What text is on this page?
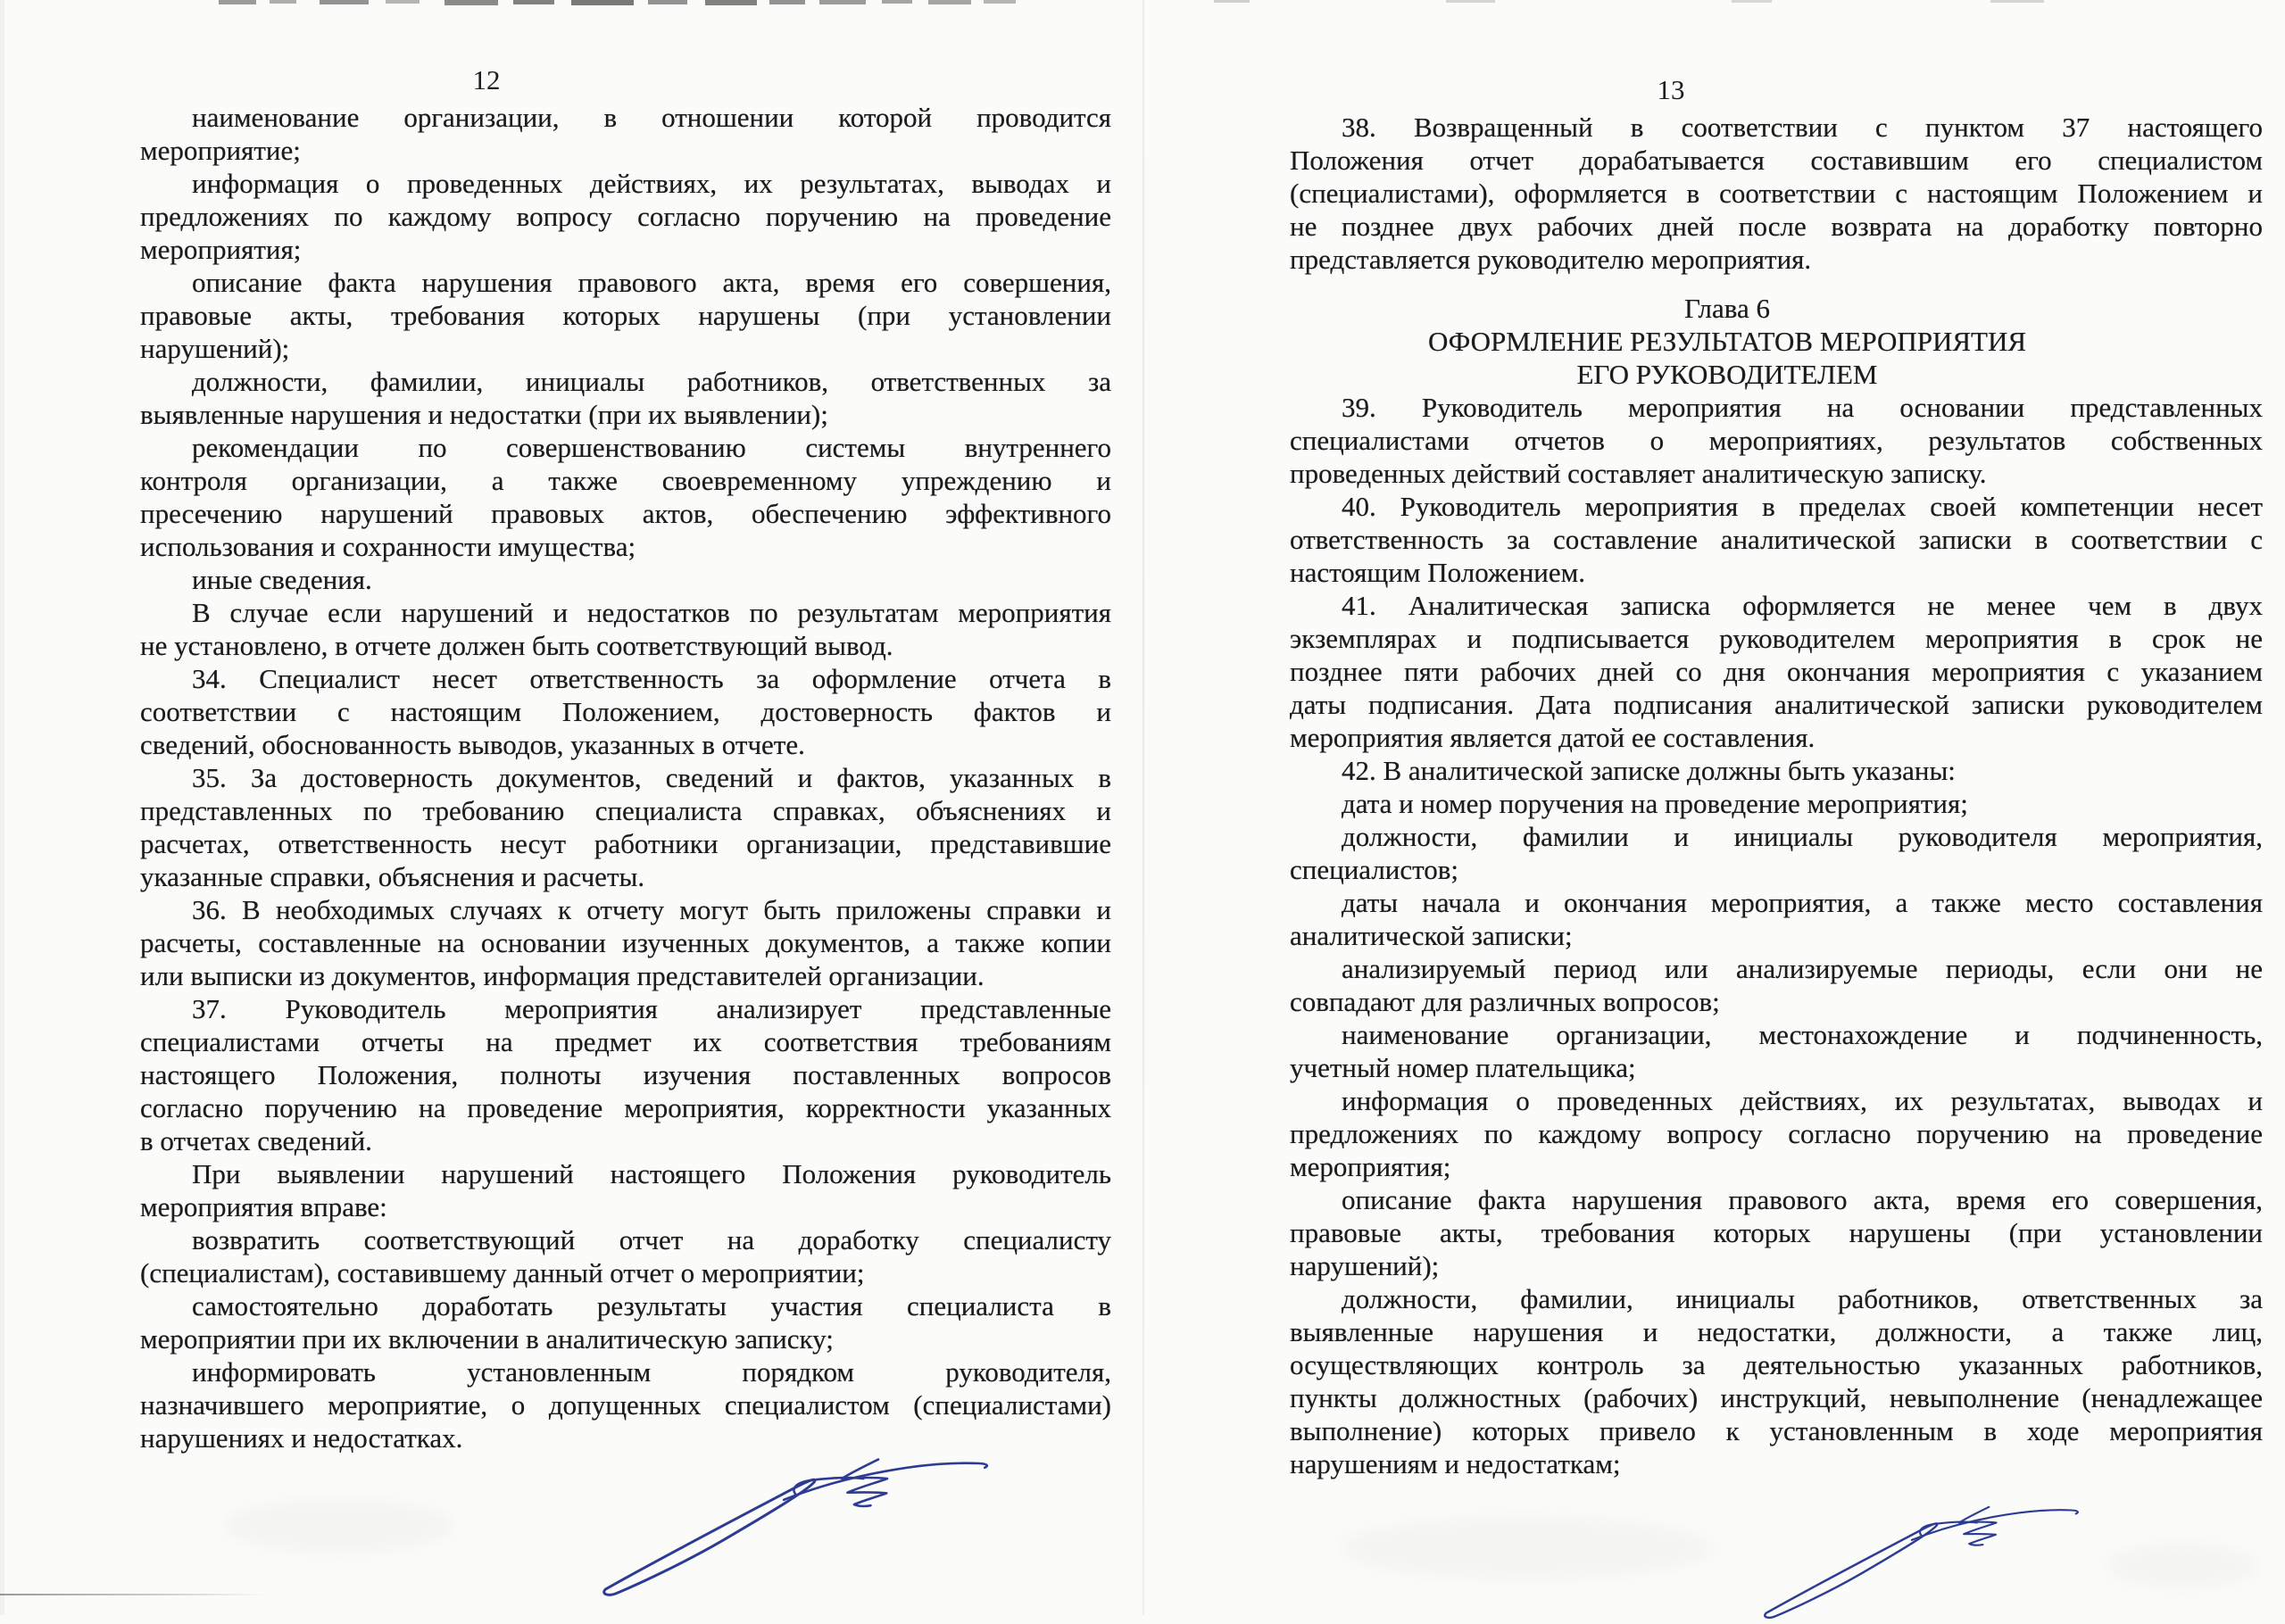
12
наименование организации, в отношении которой проводится
мероприятие;
информация о проведенных действиях, их результатах, выводах и
предложениях по каждому вопросу согласно поручению на проведение
мероприятия;
описание факта нарушения правового акта, время его совершения,
правовые акты, требования которых нарушены (при установлении
нарушений);
должности, фамилии, инициалы работников, ответственных за
выявленные нарушения и недостатки (при их выявлении);
рекомендации по совершенствованию системы внутреннего
контроля организации, а также своевременному упреждению и
пресечению нарушений правовых актов, обеспечению эффективного
использования и сохранности имущества;
иные сведения.
В случае если нарушений и недостатков по результатам мероприятия
не установлено, в отчете должен быть соответствующий вывод.
34. Специалист несет ответственность за оформление отчета в
соответствии с настоящим Положением, достоверность фактов и
сведений, обоснованность выводов, указанных в отчете.
35. За достоверность документов, сведений и фактов, указанных в
представленных по требованию специалиста справках, объяснениях и
расчетах, ответственность несут работники организации, представившие
указанные справки, объяснения и расчеты.
36. В необходимых случаях к отчету могут быть приложены справки и
расчеты, составленные на основании изученных документов, а также копии
или выписки из документов, информация представителей организации.
37. Руководитель мероприятия анализирует представленные
специалистами отчеты на предмет их соответствия требованиям
настоящего Положения, полноты изучения поставленных вопросов
согласно поручению на проведение мероприятия, корректности указанных
в отчетах сведений.
При выявлении нарушений настоящего Положения руководитель
мероприятия вправе:
возвратить соответствующий отчет на доработку специалисту
(специалистам), составившему данный отчет о мероприятии;
самостоятельно доработать результаты участия специалиста в
мероприятии при их включении в аналитическую записку;
информировать установленным порядком руководителя,
назначившего мероприятие, о допущенных специалистом (специалистами)
нарушениях и недостатках.
13
38. Возвращенный в соответствии с пунктом 37 настоящего
Положения отчет дорабатывается составившим его специалистом
(специалистами), оформляется в соответствии с настоящим Положением и
не позднее двух рабочих дней после возврата на доработку повторно
представляется руководителю мероприятия.
Глава 6
ОФОРМЛЕНИЕ РЕЗУЛЬТАТОВ МЕРОПРИЯТИЯ
ЕГО РУКОВОДИТЕЛЕМ
39. Руководитель мероприятия на основании представленных
специалистами отчетов о мероприятиях, результатов собственных
проведенных действий составляет аналитическую записку.
40. Руководитель мероприятия в пределах своей компетенции несет
ответственность за составление аналитической записки в соответствии с
настоящим Положением.
41. Аналитическая записка оформляется не менее чем в двух
экземплярах и подписывается руководителем мероприятия в срок не
позднее пяти рабочих дней со дня окончания мероприятия с указанием
даты подписания. Дата подписания аналитической записки руководителем
мероприятия является датой ее составления.
42. В аналитической записке должны быть указаны:
дата и номер поручения на проведение мероприятия;
должности, фамилии и инициалы руководителя мероприятия,
специалистов;
даты начала и окончания мероприятия, а также место составления
аналитической записки;
анализируемый период или анализируемые периоды, если они не
совпадают для различных вопросов;
наименование организации, местонахождение и подчиненность,
учетный номер плательщика;
информация о проведенных действиях, их результатах, выводах и
предложениях по каждому вопросу согласно поручению на проведение
мероприятия;
описание факта нарушения правового акта, время его совершения,
правовые акты, требования которых нарушены (при установлении
нарушений);
должности, фамилии, инициалы работников, ответственных за
выявленные нарушения и недостатки, должности, а также лиц,
осуществляющих контроль за деятельностью указанных работников,
пункты должностных (рабочих) инструкций, невыполнение (ненадлежащее
выполнение) которых привело к установленным в ходе мероприятия
нарушениям и недостаткам;
